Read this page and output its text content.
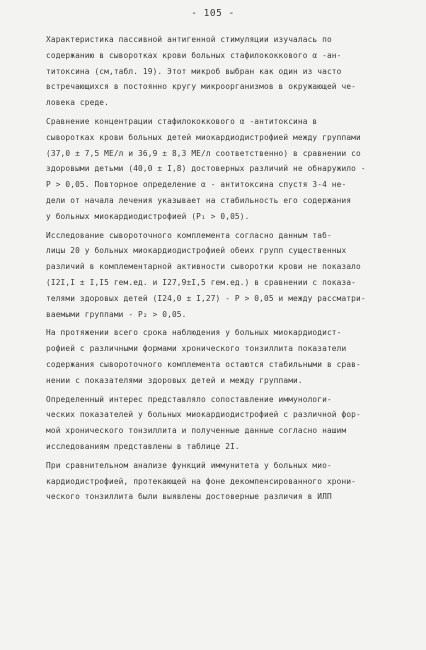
- 105 -

Характеристика пассивной антигенной стимуляции изучалась по
содержанию в сыворотках крови больных стафилококкового α -ан-
титоксина (см,табл. 19). Этот микроб выбран как один из часто
встречающихся в постоянно кругу микроорганизмов в окружающей че-
ловека среде.

Сравнение концентрации стафилококкового α -антитоксина в
сыворотках крови больных детей миокардиодистрофией между группами
(37,0 ± 7,5 МЕ/л и 36,9 ± 8,3 МЕ/л соответственно) в сравнении со
здоровыми детьми (40,0 ± I,8) достоверных различий не обнаружило -
Р > 0,05. Повторное определение α - антитоксина спустя 3-4 не-
дели от начала лечения указывает на стабильность его содержания
у больных миокардиодистрофией (Р₁ > 0,05).

Исследование сывороточного комплемента согласно данным таб-
лицы 20 у больных миокардиодистрофией обеих групп существенных
различий в комплементарной активности сыворотки крови не показало
(I2I,I ± I,I5 гем.ед. и I27,9±I,5 гем.ед.) в сравнении с показа-
телями здоровых детей (I24,0 ± I,27) - Р > 0,05 и между рассматри-
ваемыми группами - Р₂ > 0,05.

На протяжении всего срока наблюдения у больных миокардиодист-
рофией с различными формами хронического тонзиллита показатели
содержания сывороточного комплемента остаются стабильными в срав-
нении с показателями здоровых детей и между группами.

Определенный интерес представляло сопоставление иммунологи-
ческих показателей у больных миокардиодистрофией с различной фор-
мой хронического тонзиллита и полученные данные согласно нашим
исследованиям представлены в таблице 2I.

При сравнительном анализе функций иммунитета у больных мио-
кардиодистрофией, протекающей на фоне декомпенсированного хрони-
ческого тонзиллита были выявлены достоверные различия в ИЛП
